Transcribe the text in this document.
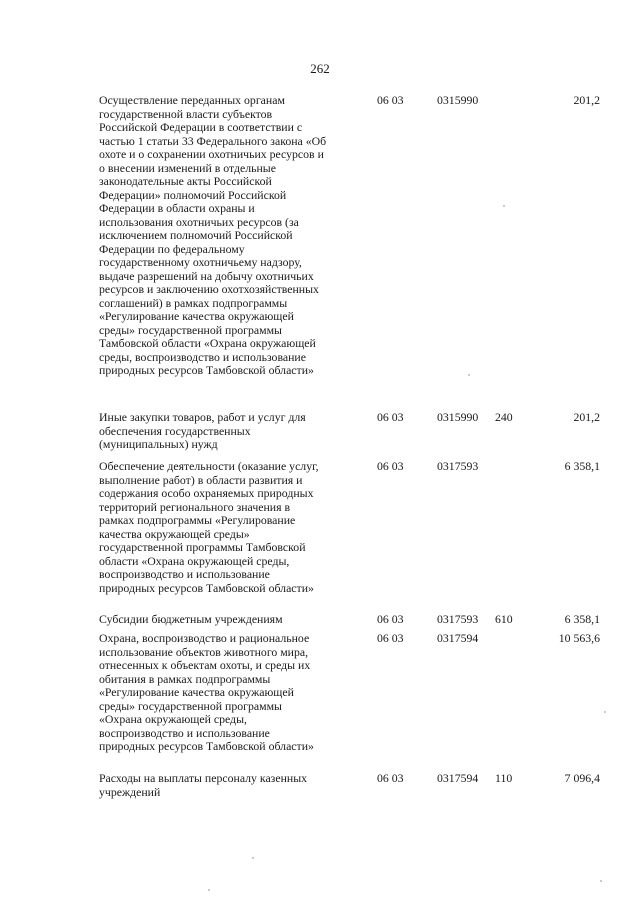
262
Осуществление переданных органам
государственной власти субъектов
Российской Федерации в соответствии с
частью 1 статьи 33 Федерального закона «Об
охоте и о сохранении охотничьих ресурсов и
о внесении изменений в отдельные
законодательные акты Российской
Федерации» полномочий Российской
Федерации в области охраны и
использования охотничьих ресурсов (за
исключением полномочий Российской
Федерации по федеральному
государственному охотничьему надзору,
выдаче разрешений на добычу охотничьих
ресурсов и заключению охотхозяйственных
соглашений) в рамках подпрограммы
«Регулирование качества окружающей
среды» государственной программы
Тамбовской области «Охрана окружающей
среды, воспроизводство и использование
природных ресурсов Тамбовской области»
06 03	0315990	201,2
Иные закупки товаров, работ и услуг для
обеспечения государственных
(муниципальных) нужд
06 03	0315990 240	201,2
Обеспечение деятельности (оказание услуг,
выполнение работ) в области развития и
содержания особо охраняемых природных
территорий регионального значения в
рамках подпрограммы «Регулирование
качества окружающей среды»
государственной программы Тамбовской
области «Охрана окружающей среды,
воспроизводство и использование
природных ресурсов Тамбовской области»
06 03	0317593	6 358,1
Субсидии бюджетным учреждениям	06 03	0317593 610	6 358,1
Охрана, воспроизводство и рациональное
использование объектов животного мира,
отнесенных к объектам охоты, и среды их
обитания в рамках подпрограммы
«Регулирование качества окружающей
среды» государственной программы
«Охрана окружающей среды,
воспроизводство и использование
природных ресурсов Тамбовской области»
06 03	0317594	10 563,6
Расходы на выплаты персоналу казенных
учреждений
06 03	0317594 110	7 096,4
